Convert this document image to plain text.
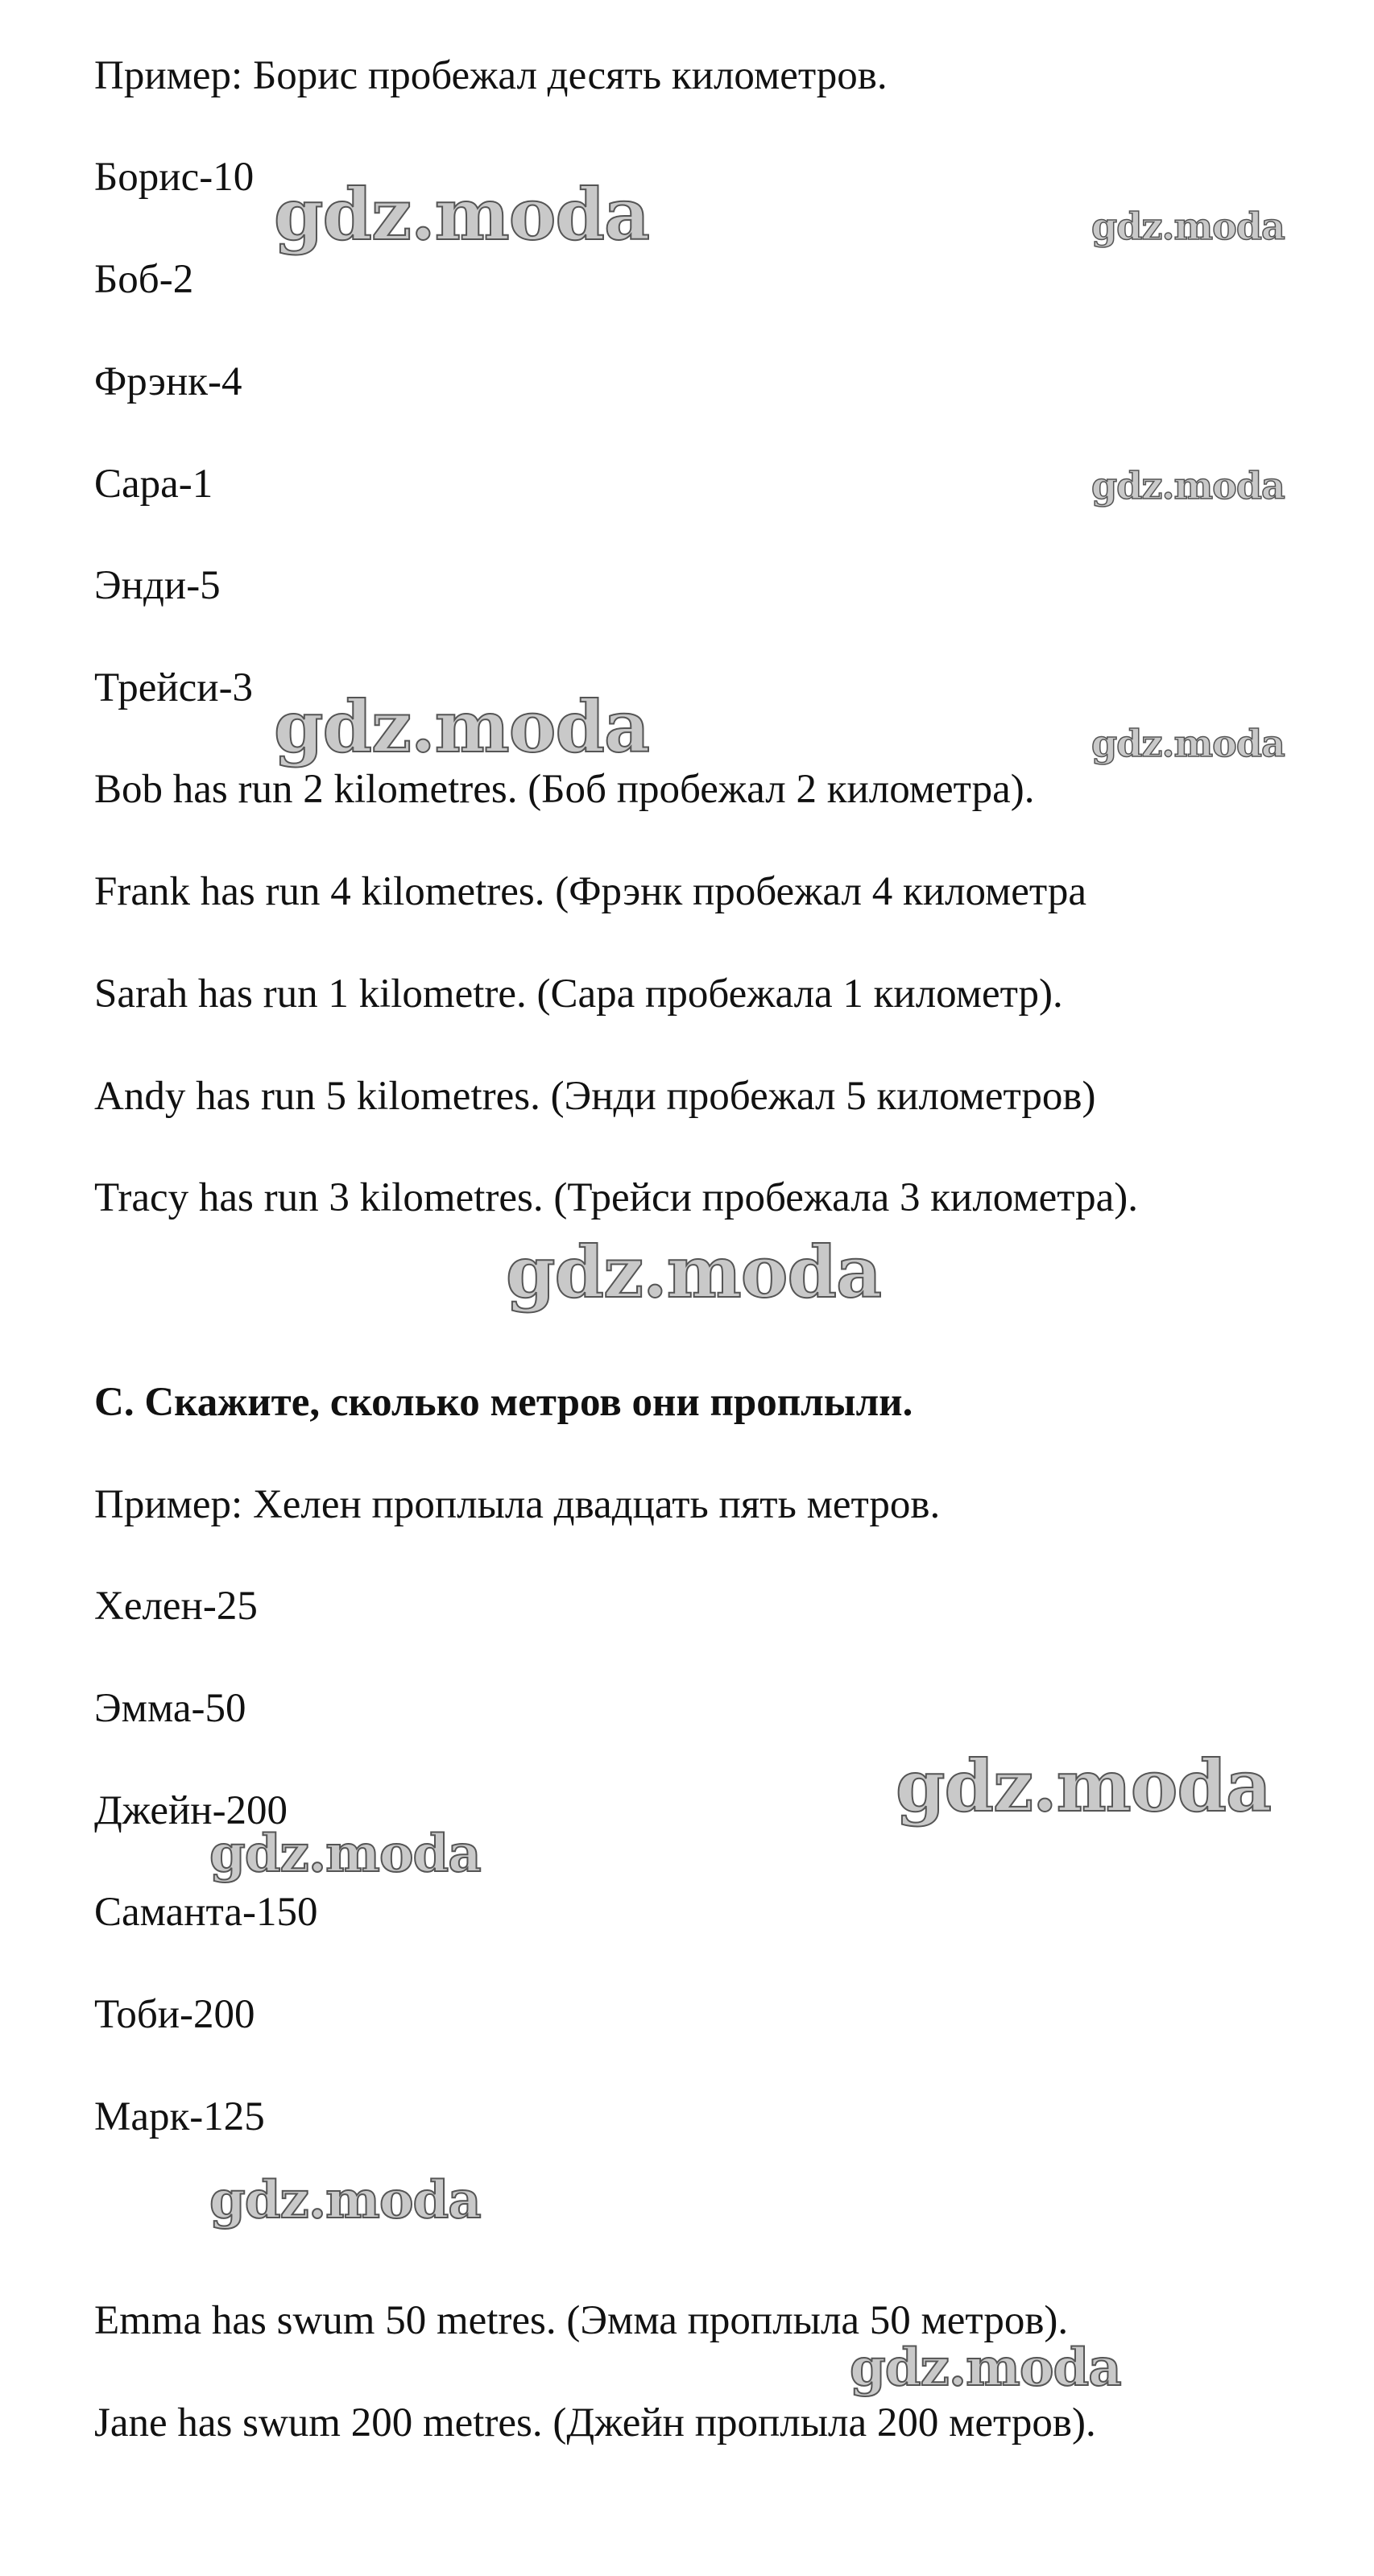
Пример: Борис пробежал десять километров.

Борис-10

Боб-2

Фрэнк-4

Сара-1

Энди-5

Трейси-3

Bob has run 2 kilometres. (Боб пробежал 2 километра).

Frank has run 4 kilometres. (Фрэнк пробежал 4 километра

Sarah has run 1 kilometre. (Сара пробежала 1 километр).

Andy has run 5 kilometres. (Энди пробежал 5 километров)

Tracy has run 3 kilometres. (Трейси пробежала 3 километра).

C. Скажите, сколько метров они проплыли.

Пример: Хелен проплыла двадцать пять метров.

Хелен-25

Эмма-50

Джейн-200

Саманта-150

Тоби-200

Марк-125

Emma has swum 50 metres. (Эмма проплыла 50 метров).

Jane has swum 200 metres. (Джейн проплыла 200 метров).

gdz.moda	gdz.moda
gdz.moda
gdz.moda	gdz.moda
gdz.moda
gdz.moda
gdz.moda
gdz.moda
gdz.moda
